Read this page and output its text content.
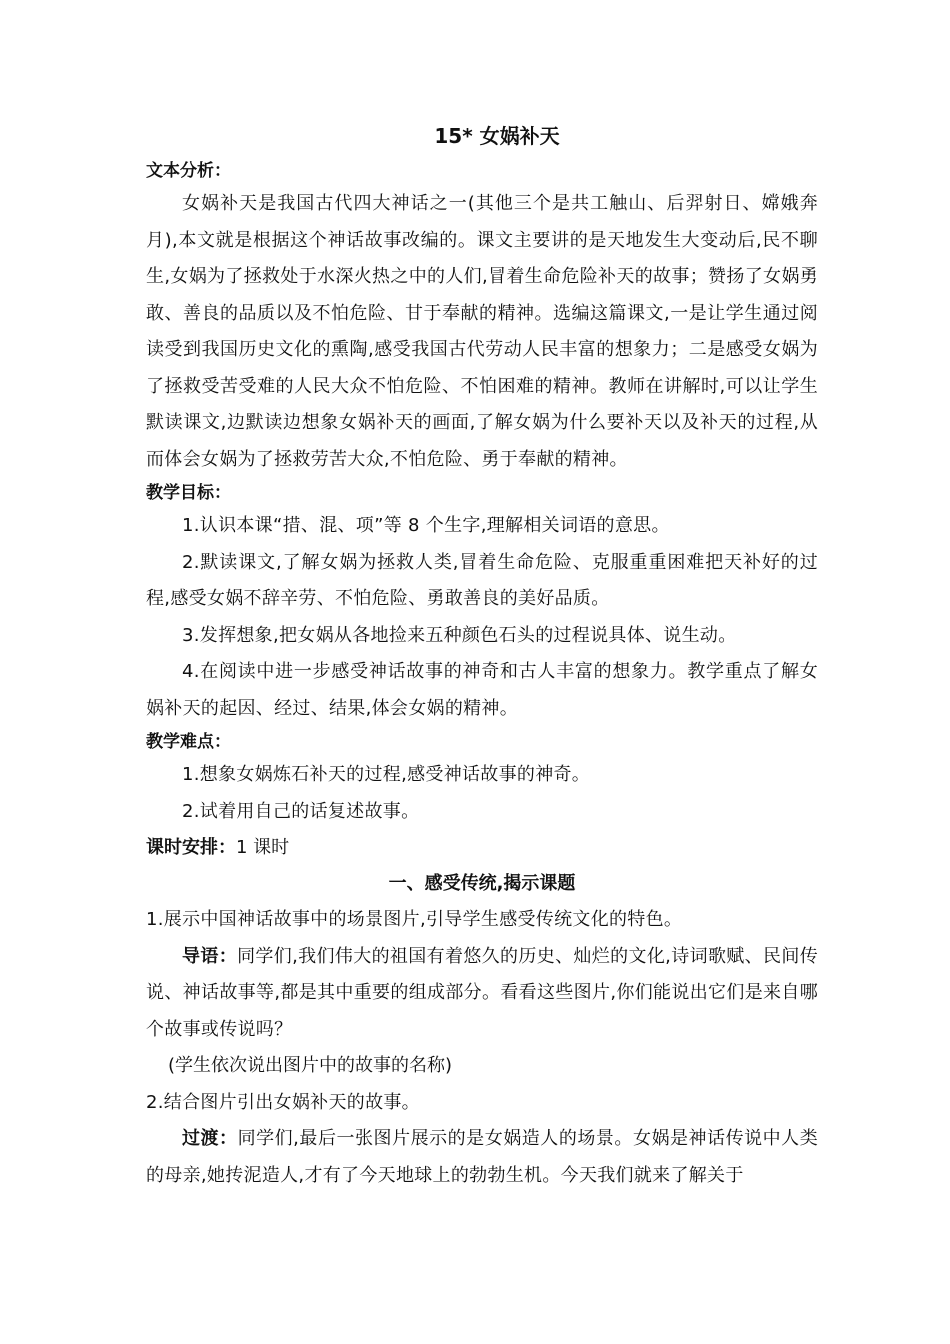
15* 女娲补天

文本分析：

女娲补天是我国古代四大神话之一(其他三个是共工触山、后羿射日、嫦娥奔月),本文就是根据这个神话故事改编的。课文主要讲的是天地发生大变动后,民不聊生,女娲为了拯救处于水深火热之中的人们,冒着生命危险补天的故事；赞扬了女娲勇敢、善良的品质以及不怕危险、甘于奉献的精神。选编这篇课文,一是让学生通过阅读受到我国历史文化的熏陶,感受我国古代劳动人民丰富的想象力；二是感受女娲为了拯救受苦受难的人民大众不怕危险、不怕困难的精神。教师在讲解时,可以让学生默读课文,边默读边想象女娲补天的画面,了解女娲为什么要补天以及补天的过程,从而体会女娲为了拯救劳苦大众,不怕危险、勇于奉献的精神。

教学目标：

1.认识本课“措、混、项”等 8 个生字,理解相关词语的意思。

2.默读课文,了解女娲为拯救人类,冒着生命危险、克服重重困难把天补好的过程,感受女娲不辞辛劳、不怕危险、勇敢善良的美好品质。

3.发挥想象,把女娲从各地捡来五种颜色石头的过程说具体、说生动。

4.在阅读中进一步感受神话故事的神奇和古人丰富的想象力。教学重点了解女娲补天的起因、经过、结果,体会女娲的精神。

教学难点：

1.想象女娲炼石补天的过程,感受神话故事的神奇。

2.试着用自己的话复述故事。

课时安排：1 课时

一、感受传统,揭示课题

1.展示中国神话故事中的场景图片,引导学生感受传统文化的特色。

导语：同学们,我们伟大的祖国有着悠久的历史、灿烂的文化,诗词歌赋、民间传说、神话故事等,都是其中重要的组成部分。看看这些图片,你们能说出它们是来自哪个故事或传说吗？

(学生依次说出图片中的故事的名称)

2.结合图片引出女娲补天的故事。

过渡：同学们,最后一张图片展示的是女娲造人的场景。女娲是神话传说中人类的母亲,她抟泥造人,才有了今天地球上的勃勃生机。今天我们就来了解关于
